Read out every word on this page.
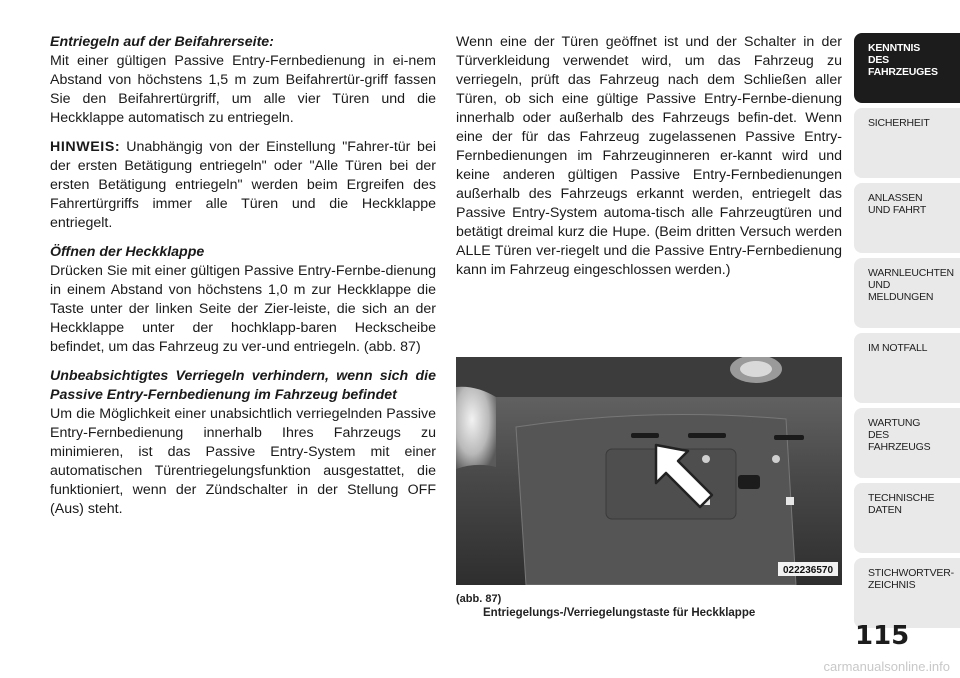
Entriegeln auf der Beifahrerseite:
Mit einer gültigen Passive Entry-Fernbedienung in ei-nem Abstand von höchstens 1,5 m zum Beifahrertür-griff fassen Sie den Beifahrertürgriff, um alle vier Türen und die Heckklappe automatisch zu entriegeln.

HINWEIS: Unabhängig von der Einstellung "Fahrer-tür bei der ersten Betätigung entriegeln" oder "Alle Türen bei der ersten Betätigung entriegeln" werden beim Ergreifen des Fahrertürgriffs immer alle Türen und die Heckklappe entriegelt.

Öffnen der Heckklappe
Drücken Sie mit einer gültigen Passive Entry-Fernbe-dienung in einem Abstand von höchstens 1,0 m zur Heckklappe die Taste unter der linken Seite der Zier-leiste, die sich an der Heckklappe unter der hochklapp-baren Heckscheibe befindet, um das Fahrzeug zu ver-und entriegeln. (abb. 87)

Unbeabsichtigtes Verriegeln verhindern, wenn sich die Passive Entry-Fernbedienung im Fahrzeug befindet
Um die Möglichkeit einer unabsichtlich verriegelnden Passive Entry-Fernbedienung innerhalb Ihres Fahrzeugs zu minimieren, ist das Passive Entry-System mit einer automatischen Türentriegelungsfunktion ausgestattet, die funktioniert, wenn der Zündschalter in der Stellung OFF (Aus) steht.

Wenn eine der Türen geöffnet ist und der Schalter in der Türverkleidung verwendet wird, um das Fahrzeug zu verriegeln, prüft das Fahrzeug nach dem Schließen aller Türen, ob sich eine gültige Passive Entry-Fernbe-dienung innerhalb oder außerhalb des Fahrzeugs befin-det. Wenn eine der für das Fahrzeug zugelassenen Passive Entry-Fernbedienungen im Fahrzeuginneren er-kannt wird und keine anderen gültigen Passive Entry-Fernbedienungen außerhalb des Fahrzeugs erkannt werden, entriegelt das Passive Entry-System automa-tisch alle Fahrzeugtüren und betätigt dreimal kurz die Hupe. (Beim dritten Versuch werden ALLE Türen ver-riegelt und die Passive Entry-Fernbedienung kann im Fahrzeug eingeschlossen werden.)

022236570
(abb. 87)
Entriegelungs-/Verriegelungstaste für Heckklappe
KENNTNIS
DES
FAHRZEUGES
SICHERHEIT
ANLASSEN
UND FAHRT
WARNLEUCHTEN
UND
MELDUNGEN
IM NOTFALL
WARTUNG
DES
FAHRZEUGS
TECHNISCHE
DATEN
STICHWORTVER-
ZEICHNIS
115
carmanualsonline.info
